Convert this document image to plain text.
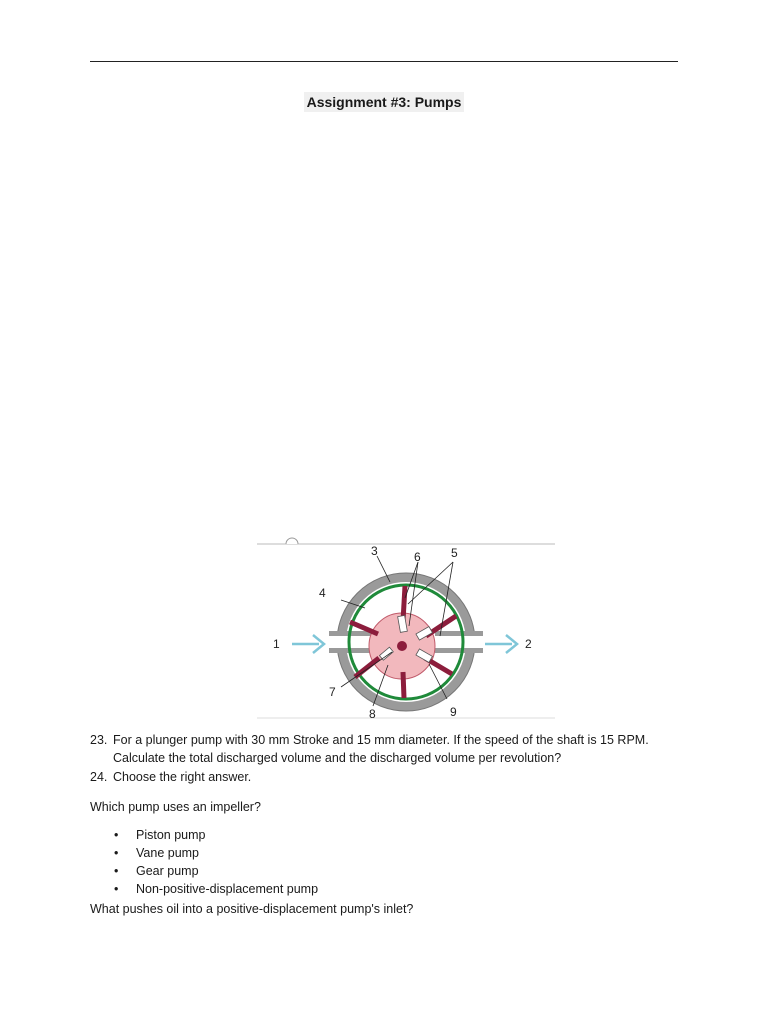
Assignment #3: Pumps
3	6	5
4
1	2
7
8	9
23. For a plunger pump with 30 mm Stroke and 15 mm diameter. If the speed of the shaft is 15 RPM.
Calculate the total discharged volume and the discharged volume per revolution?
24. Choose the right answer.
Which pump uses an impeller?
• Piston pump
• Vane pump
• Gear pump
• Non-positive-displacement pump
What pushes oil into a positive-displacement pump's inlet?
